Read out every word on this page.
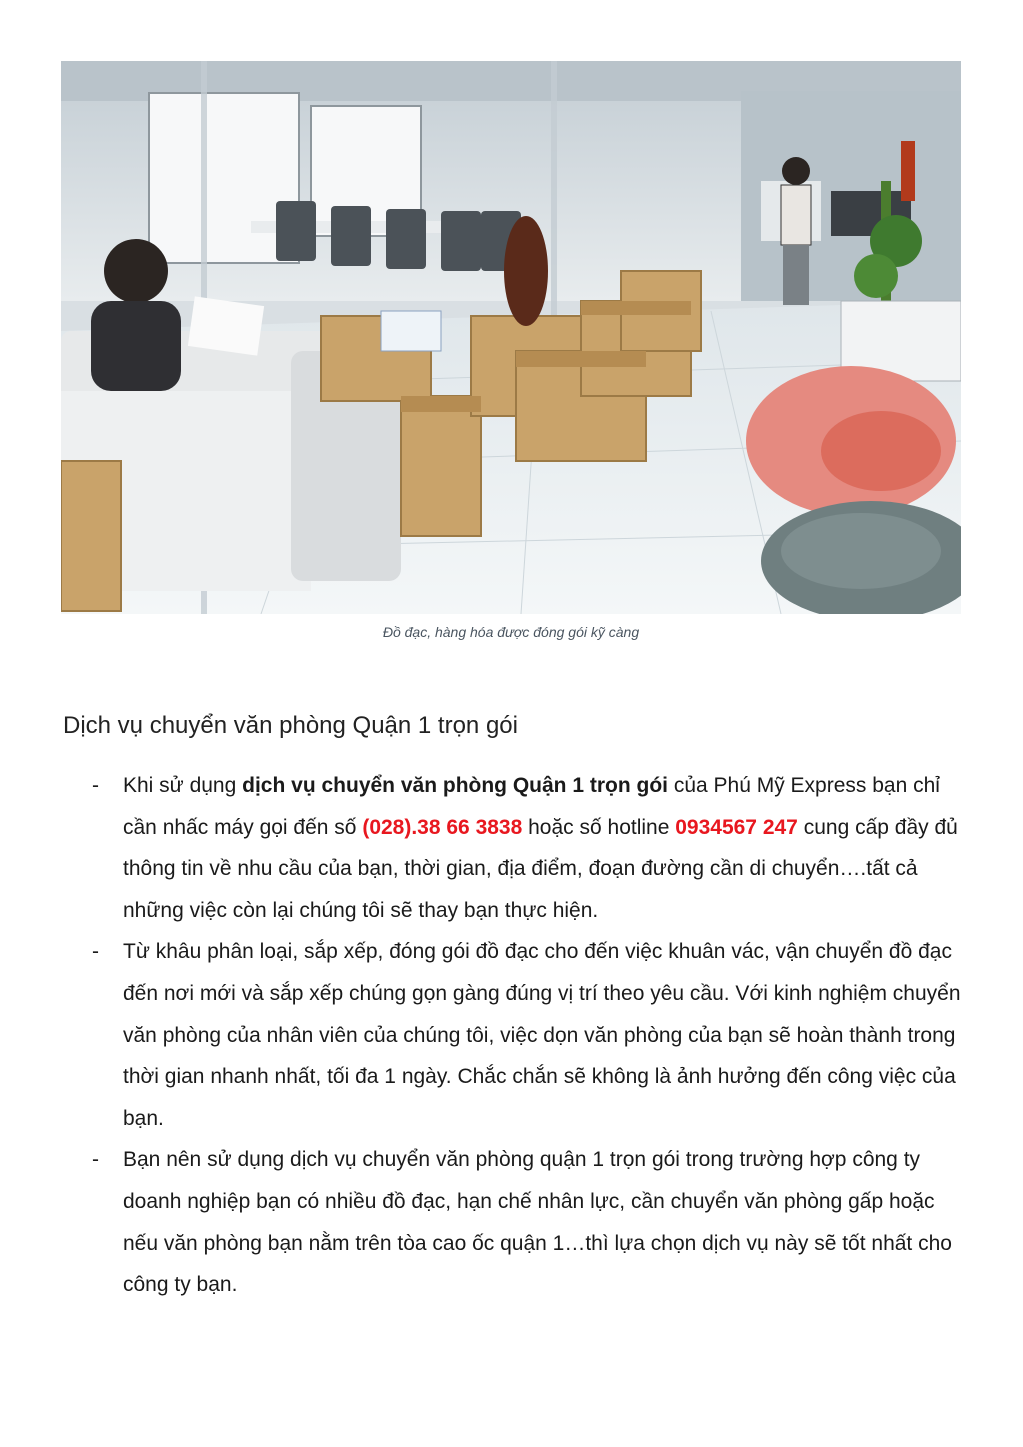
Đồ đạc, hàng hóa được đóng gói kỹ càng
Dịch vụ chuyển văn phòng Quận 1 trọn gói
- Khi sử dụng dịch vụ chuyển văn phòng Quận 1 trọn gói của Phú Mỹ Express bạn chỉ cần nhấc máy gọi đến số (028).38 66 3838 hoặc số hotline 0934567 247 cung cấp đầy đủ thông tin về nhu cầu của bạn, thời gian, địa điểm, đoạn đường cần di chuyển….tất cả những việc còn lại chúng tôi sẽ thay bạn thực hiện.
- Từ khâu phân loại, sắp xếp, đóng gói đồ đạc cho đến việc khuân vác, vận chuyển đồ đạc đến nơi mới và sắp xếp chúng gọn gàng đúng vị trí theo yêu cầu. Với kinh nghiệm chuyển văn phòng của nhân viên của chúng tôi, việc dọn văn phòng của bạn sẽ hoàn thành trong thời gian nhanh nhất, tối đa 1 ngày. Chắc chắn sẽ không là ảnh hưởng đến công việc của bạn.
- Bạn nên sử dụng dịch vụ chuyển văn phòng quận 1 trọn gói trong trường hợp công ty doanh nghiệp bạn có nhiều đồ đạc, hạn chế nhân lực, cần chuyển văn phòng gấp hoặc nếu văn phòng bạn nằm trên tòa cao ốc quận 1…thì lựa chọn dịch vụ này sẽ tốt nhất cho công ty bạn.
